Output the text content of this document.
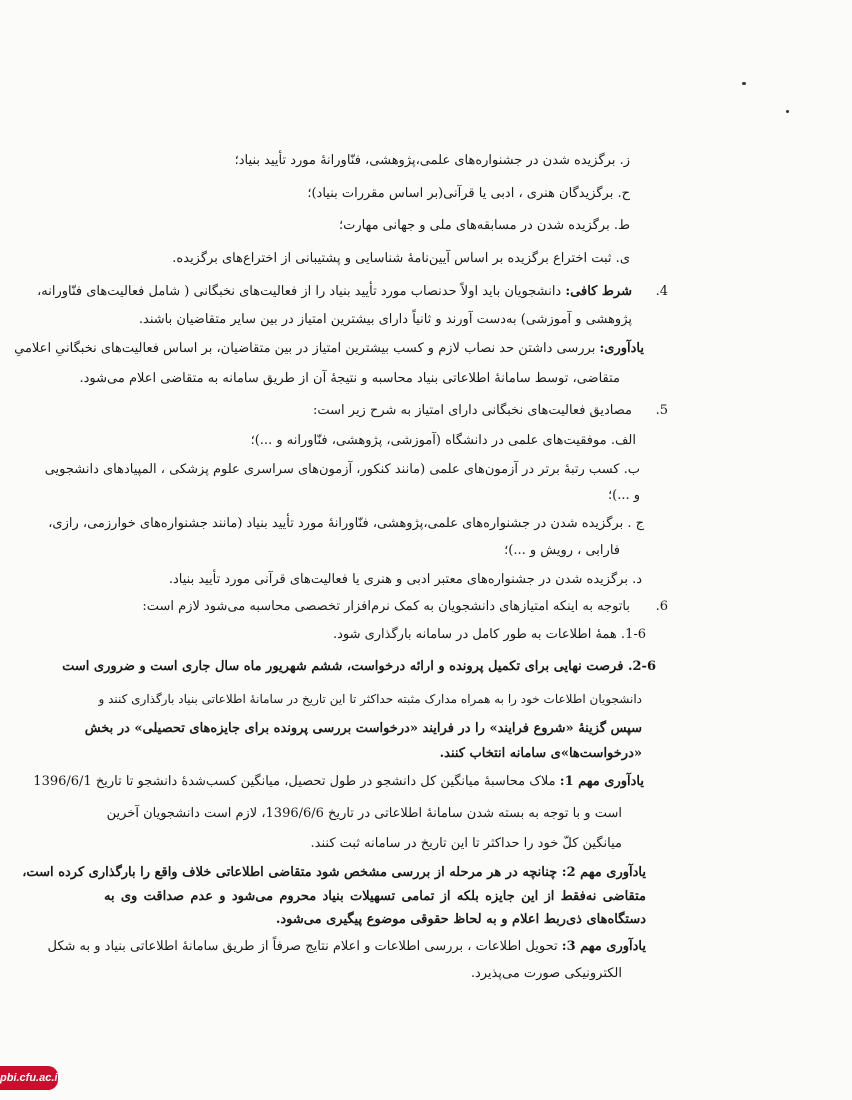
ز. برگزیده شدن در جشنواره‌های علمی،پژوهشی، فنّاورانهٔ مورد تأیید بنیاد؛
ح. برگزیدگان هنری ، ادبی یا قرآنی(بر اساس مقررات بنیاد)؛
ط. برگزیده شدن در مسابقه‌های ملی و جهانی مهارت؛
ی. ثبت اختراع برگزیده بر اساس آیین‌نامهٔ شناسایی و پشتیبانی از اختراع‌های برگزیده.
4.
شرط کافی: دانشجویان باید اولاً حدنصاب مورد تأیید بنیاد را از فعالیت‌های نخبگانی ( شامل فعالیت‌های فنّاورانه،
پژوهشی و آموزشی) به‌دست آورند و ثانیاً دارای بیشترین امتیاز در بین سایر متقاضیان باشند.
یادآوری: بررسی داشتن حد نصاب لازم و کسب بیشترین امتیاز در بین متقاضیان، بر اساس فعالیت‌های نخبگانیِ اعلامیِ
متقاضی، توسط سامانهٔ اطلاعاتی بنیاد محاسبه و نتیجهٔ آن از طریق سامانه به متقاضی اعلام می‌شود.
5.
مصادیق فعالیت‌های نخبگانی دارای امتیاز به شرح زیر است:
الف. موفقیت‌های علمی در دانشگاه (آموزشی، پژوهشی، فنّاورانه و ...)؛
ب. کسب رتبهٔ برتر در آزمون‌های علمی (مانند کنکور، آزمون‌های سراسری علوم پزشکی ، المپیادهای دانشجویی
و ...)؛
ج . برگزیده شدن در جشنواره‌های علمی،پژوهشی، فنّاورانهٔ مورد تأیید بنیاد (مانند جشنواره‌های خوارزمی، رازی،
فارابی ، رویش و ...)؛
د. برگزیده شدن در جشنواره‌های معتبر ادبی و هنری یا فعالیت‌های قرآنی مورد تأیید بنیاد.
6.
باتوجه به اینکه امتیازهای دانشجویان به کمک نرم‌افزار تخصصی محاسبه می‌شود لازم است:
1-6. همهٔ اطلاعات به طور کامل در سامانه بارگذاری شود.
2-6. فرصت نهایی برای تکمیل پرونده و ارائه درخواست، ششم شهریور ماه سال جاری است و ضروری است
دانشجویان اطلاعات خود را به همراه مدارک مثبته حداکثر تا این تاریخ در سامانهٔ اطلاعاتی بنیاد بارگذاری کنند و
سپس گزینهٔ «شروع فرایند» را در فرایند «درخواست بررسی پرونده برای جایزه‌های تحصیلی» در بخش
«درخواست‌ها»ی سامانه انتخاب کنند.
یادآوری مهم 1: ملاک محاسبهٔ میانگین کل دانشجو در طول تحصیل، میانگین کسب‌شدهٔ دانشجو تا تاریخ 1396/6/1
است و با توجه به بسته شدن سامانهٔ اطلاعاتی در تاریخ 1396/6/6، لازم است دانشجویان آخرین
میانگین کلّ خود را حداکثر تا این تاریخ در سامانه ثبت کنند.
یادآوری مهم 2: چنانچه در هر مرحله از بررسی مشخص شود متقاضی اطلاعاتی خلاف واقع را بارگذاری کرده است،
متقاضی نه‌فقط از این جایزه بلکه از تمامی تسهیلات بنیاد محروم می‌شود و عدم صداقت وی به
دستگاه‌های ذی‌ربط اعلام و به لحاظ حقوقی موضوع پیگیری می‌شود.
یادآوری مهم 3: تحویل اطلاعات ، بررسی اطلاعات و اعلام نتایج صرفاً از طریق سامانهٔ اطلاعاتی بنیاد و به شکل
الکترونیکی صورت می‌پذیرد.
pbi.cfu.ac.ir
